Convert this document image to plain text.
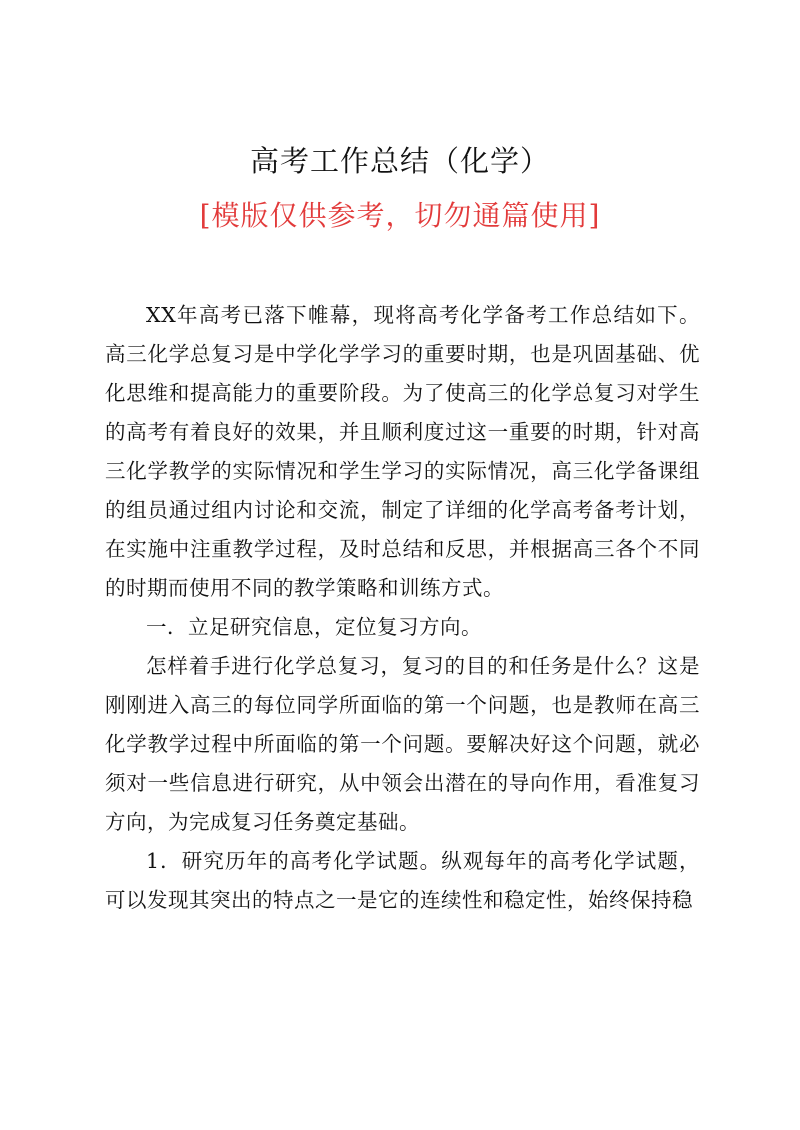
高考工作总结（化学）
[模版仅供参考，切勿通篇使用]

XX年高考已落下帷幕，现将高考化学备考工作总结如下。高三化学总复习是中学化学学习的重要时期，也是巩固基础、优化思维和提高能力的重要阶段。为了使高三的化学总复习对学生的高考有着良好的效果，并且顺利度过这一重要的时期，针对高三化学教学的实际情况和学生学习的实际情况，高三化学备课组的组员通过组内讨论和交流，制定了详细的化学高考备考计划，在实施中注重教学过程，及时总结和反思，并根据高三各个不同的时期而使用不同的教学策略和训练方式。

一．立足研究信息，定位复习方向。

怎样着手进行化学总复习，复习的目的和任务是什么？这是刚刚进入高三的每位同学所面临的第一个问题，也是教师在高三化学教学过程中所面临的第一个问题。要解决好这个问题，就必须对一些信息进行研究，从中领会出潜在的导向作用，看准复习方向，为完成复习任务奠定基础。

1．研究历年的高考化学试题。纵观每年的高考化学试题，可以发现其突出的特点之一是它的连续性和稳定性，始终保持稳
